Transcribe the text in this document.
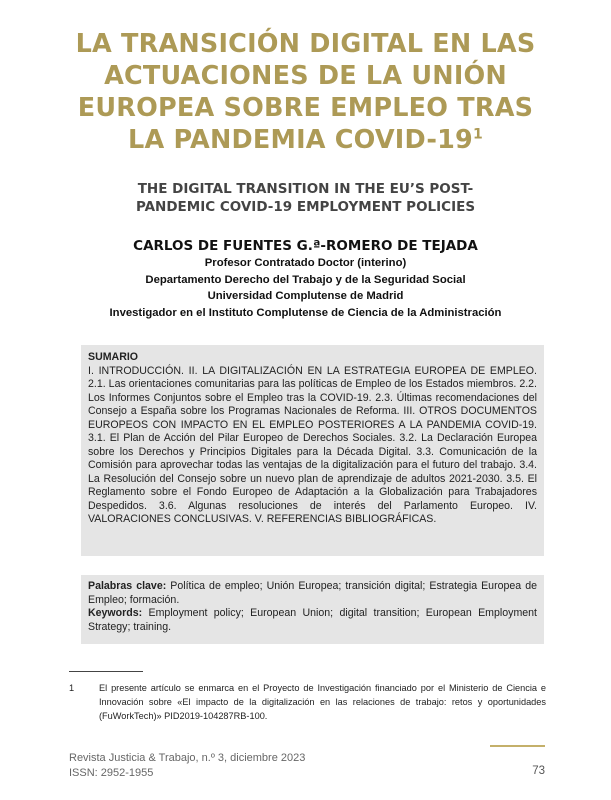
LA TRANSICIÓN DIGITAL EN LAS
ACTUACIONES DE LA UNIÓN
EUROPEA SOBRE EMPLEO TRAS
LA PANDEMIA COVID-$19^1$
THE DIGITAL TRANSITION IN THE EU’S POST-
PANDEMIC COVID-19 EMPLOYMENT POLICIES
CARLOS DE FUENTES G.ª-ROMERO DE TEJADA
Profesor Contratado Doctor (interino)
Departamento Derecho del Trabajo y de la Seguridad Social
Universidad Complutense de Madrid
Investigador en el Instituto Complutense de Ciencia de la Administración
SUMARIO
I. INTRODUCCIÓN. II. LA DIGITALIZACIÓN EN LA ESTRATEGIA EUROPEA DE EMPLEO. 2.1. Las orientaciones comunitarias para las políticas de Empleo de los Estados miembros. 2.2. Los Informes Conjuntos sobre el Empleo tras la COVID-19. 2.3. Últimas recomendaciones del Consejo a España sobre los Programas Nacionales de Reforma. III. OTROS DOCUMENTOS EUROPEOS CON IMPACTO EN EL EMPLEO POSTERIORES A LA PANDEMIA COVID-19. 3.1. El Plan de Acción del Pilar Europeo de Derechos Sociales. 3.2. La Declaración Europea sobre los Derechos y Principios Digitales para la Década Digital. 3.3. Comunicación de la Comisión para aprovechar todas las ventajas de la digitalización para el futuro del trabajo. 3.4. La Resolución del Consejo sobre un nuevo plan de aprendizaje de adultos 2021-2030. 3.5. El Reglamento sobre el Fondo Europeo de Adaptación a la Globalización para Trabajadores Despedidos. 3.6. Algunas resoluciones de interés del Parlamento Europeo. IV. VALORACIONES CONCLUSIVAS. V. REFERENCIAS BIBLIOGRÁFICAS.
Palabras clave: Política de empleo; Unión Europea; transición digital; Estrategia Europea de Empleo; formación.
Keywords: Employment policy; European Union; digital transition; European Employment Strategy; training.
1	El presente artículo se enmarca en el Proyecto de Investigación financiado por el Ministerio de Ciencia e Innovación sobre «El impacto de la digitalización en las relaciones de trabajo: retos y oportunidades (FuWorkTech)» PID2019-104287RB-100.
Revista Justicia & Trabajo, n.º 3, diciembre 2023
ISSN: 2952-1955	73
